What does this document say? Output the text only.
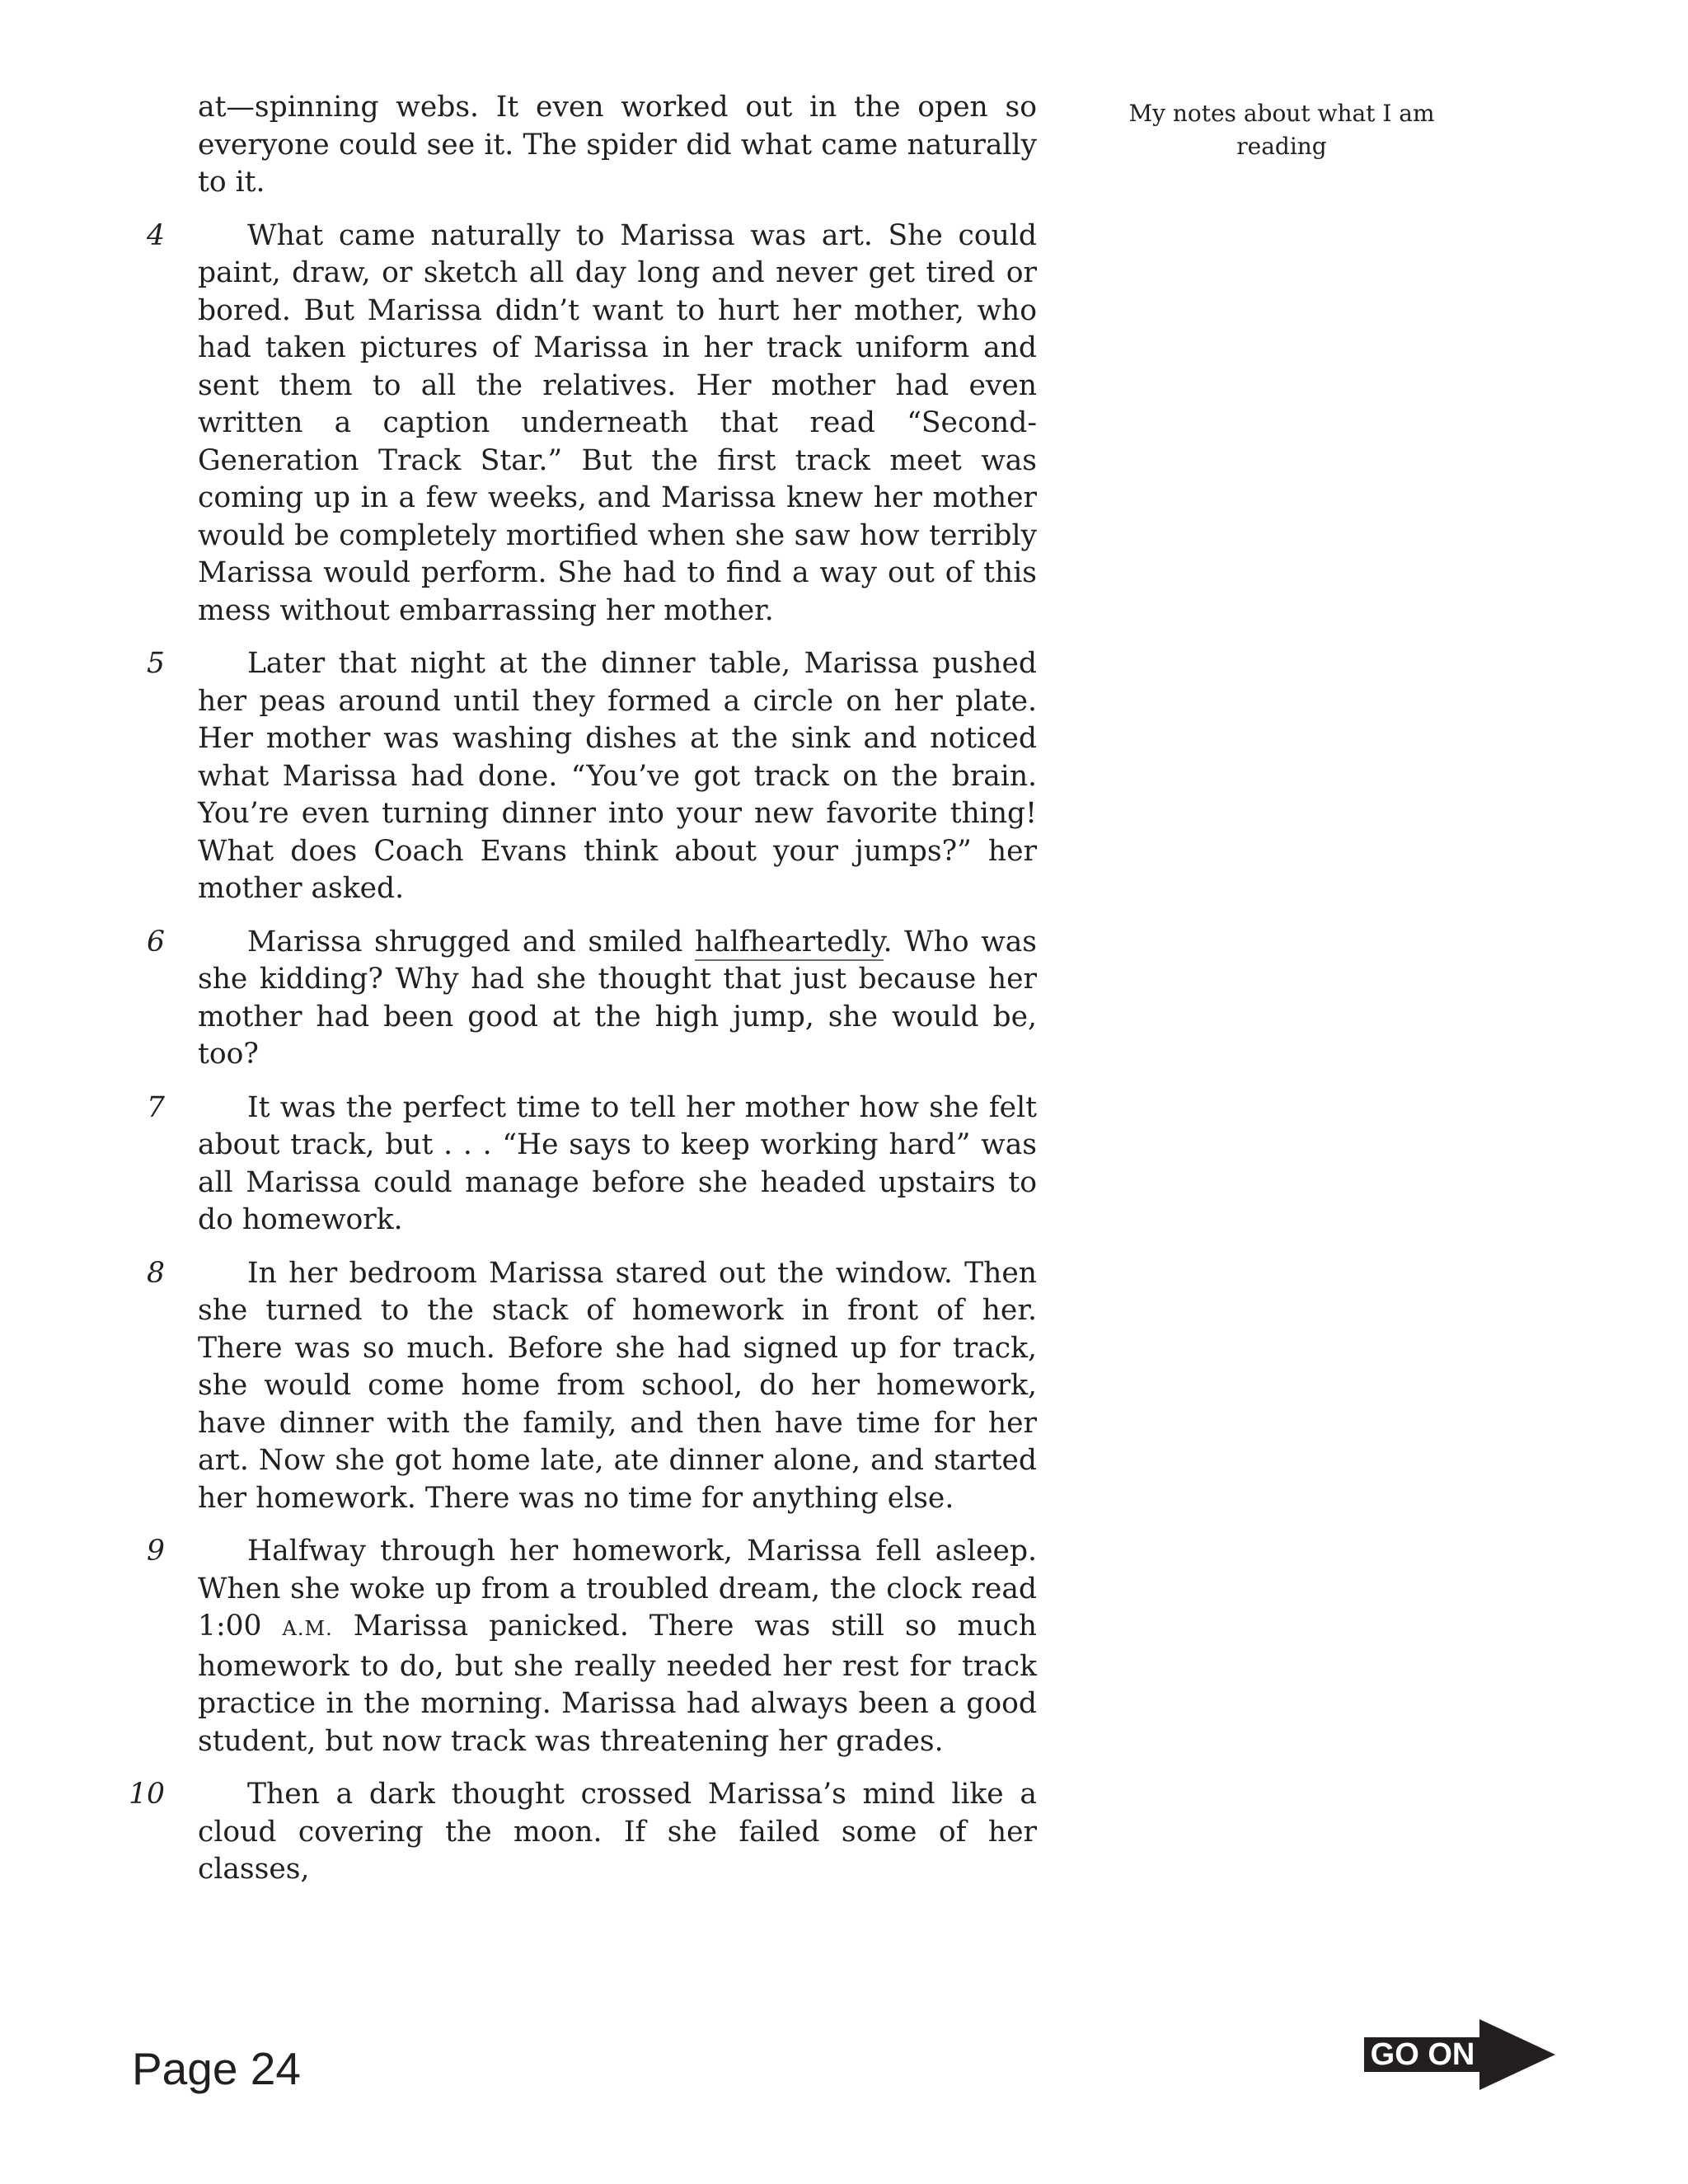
at—spinning webs. It even worked out in the open so everyone could see it. The spider did what came naturally to it.

4	What came naturally to Marissa was art. She could paint, draw, or sketch all day long and never get tired or bored. But Marissa didn’t want to hurt her mother, who had taken pictures of Marissa in her track uniform and sent them to all the relatives. Her mother had even written a caption underneath that read “Second-Generation Track Star.” But the first track meet was coming up in a few weeks, and Marissa knew her mother would be completely mortified when she saw how terribly Marissa would perform. She had to find a way out of this mess without embarrassing her mother.

5	Later that night at the dinner table, Marissa pushed her peas around until they formed a circle on her plate. Her mother was washing dishes at the sink and noticed what Marissa had done. “You’ve got track on the brain. You’re even turning dinner into your new favorite thing! What does Coach Evans think about your jumps?” her mother asked.

6	Marissa shrugged and smiled halfheartedly. Who was she kidding? Why had she thought that just because her mother had been good at the high jump, she would be, too?

7	It was the perfect time to tell her mother how she felt about track, but . . . “He says to keep working hard” was all Marissa could manage before she headed upstairs to do homework.

8	In her bedroom Marissa stared out the window. Then she turned to the stack of homework in front of her. There was so much. Before she had signed up for track, she would come home from school, do her homework, have dinner with the family, and then have time for her art. Now she got home late, ate dinner alone, and started her homework. There was no time for anything else.

9	Halfway through her homework, Marissa fell asleep. When she woke up from a troubled dream, the clock read 1:00 A.M. Marissa panicked. There was still so much homework to do, but she really needed her rest for track practice in the morning. Marissa had always been a good student, but now track was threatening her grades.

10	Then a dark thought crossed Marissa’s mind like a cloud covering the moon. If she failed some of her classes,

My notes about what I am reading
Page 24	GO ON
